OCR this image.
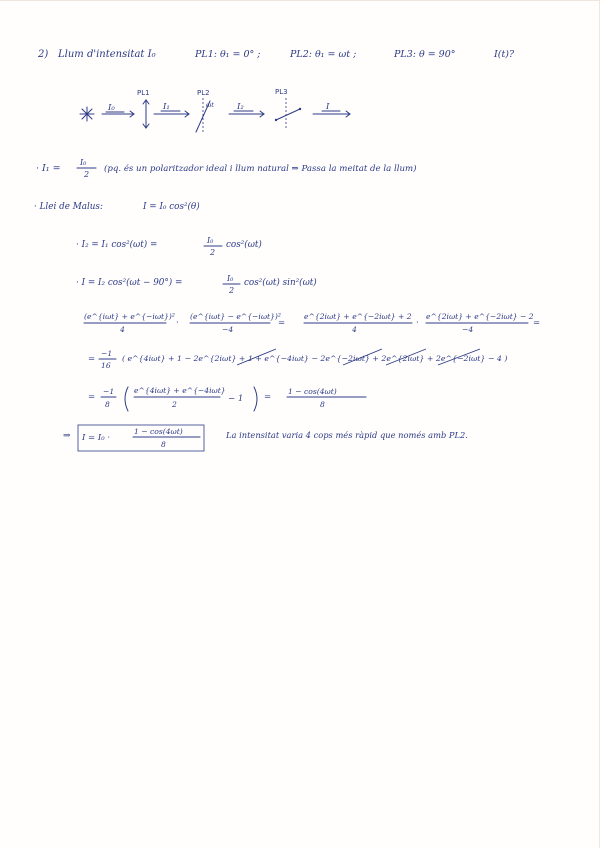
2) Llum d'intensitat I₀	PL1: θ₁ = 0° ;	PL2: θ₁ = ωt ;	PL3: θ = 90°	I(t)?
I₀
PL1
I₁
PL2
ωt	I₂
PL3
I
· I₁ =
I₀
2
(pq. és un polaritzador ideal i llum natural ⇒ Passa la meitat de la llum)
· Llei de Malus:	I = I₀ cos²(θ)
· I₂ = I₁ cos²(ωt) =	I₀
2
cos²(ωt)
· I = I₂ cos²(ωt − 90°) =	I₀
2
cos²(ωt) sin²(ωt)
(e^{iωt} + e^{−iωt})²
4
·
(e^{iωt} − e^{−iωt})²
−4
=
e^{2iωt} + e^{−2iωt} + 2
4
·
e^{2iωt} + e^{−2iωt} − 2
−4
=
=
−1
16
( e^{4iωt} + 1 − 2e^{2iωt} + 1 + e^{−4iωt} − 2e^{−2iωt} + 2e^{2iωt} + 2e^{−2iωt} − 4 )
=
−1
8
e^{4iωt} + e^{−4iωt}
2
− 1 =
1 − cos(4ωt)
8
⇒ I = I₀ ·
1 − cos(4ωt)
8
La intensitat varia 4 cops més ràpid que només amb PL2.
